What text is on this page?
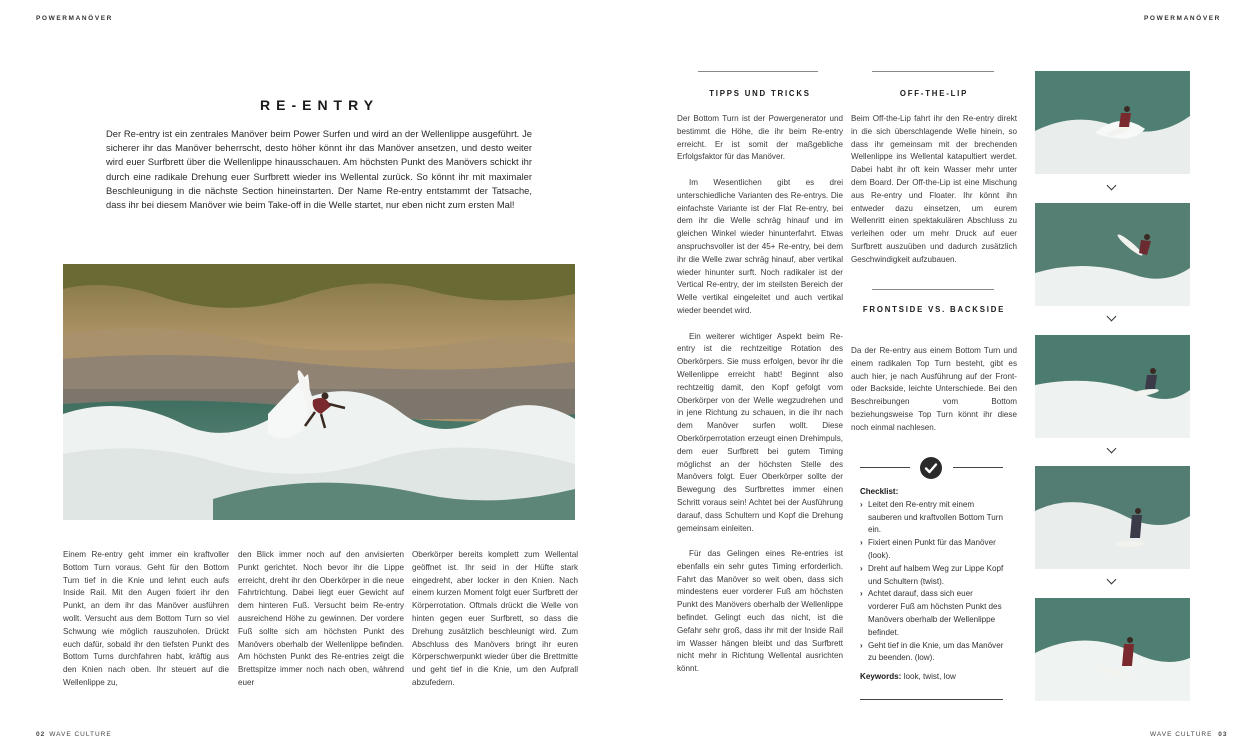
POWERMANÖVER
RE-ENTRY
Der Re-entry ist ein zentrales Manöver beim Power Surfen und wird an der Wellenlippe ausgeführt. Je sicherer ihr das Manöver beherrscht, desto höher könnt ihr das Manöver ansetzen, und desto weiter wird euer Surfbrett über die Wellenlippe hinausschauen. Am höchsten Punkt des Manövers schickt ihr durch eine radikale Drehung euer Surfbrett wieder ins Wellental zurück. So könnt ihr mit maximaler Beschleunigung in die nächste Section hineinstarten. Der Name Re-entry entstammt der Tatsache, dass ihr bei diesem Manöver wie beim Take-off in die Welle startet, nur eben nicht zum ersten Mal!
Einem Re-entry geht immer ein kraftvoller Bottom Turn voraus. Geht für den Bottom Turn tief in die Knie und lehnt euch aufs Inside Rail. Mit den Augen fixiert ihr den Punkt, an dem ihr das Manöver ausführen wollt. Versucht aus dem Bottom Turn so viel Schwung wie möglich rauszuholen. Drückt euch dafür, sobald ihr den tiefsten Punkt des Bottom Turns durchfahren habt, kräftig aus den Knien nach oben. Ihr steuert auf die Wellenlippe zu,
den Blick immer noch auf den anvisierten Punkt gerichtet. Noch bevor ihr die Lippe erreicht, dreht ihr den Oberkörper in die neue Fahrtrichtung. Dabei liegt euer Gewicht auf dem hinteren Fuß. Versucht beim Re-entry ausreichend Höhe zu gewinnen. Der vordere Fuß sollte sich am höchsten Punkt des Manövers oberhalb der Wellenlippe befinden. Am höchsten Punkt des Re-entries zeigt die Brettspitze immer noch nach oben, während euer
Oberkörper bereits komplett zum Wellental geöffnet ist. Ihr seid in der Hüfte stark eingedreht, aber locker in den Knien. Nach einem kurzen Moment folgt euer Surfbrett der Körperrotation. Oftmals drückt die Welle von hinten gegen euer Surfbrett, so dass die Drehung zusätzlich beschleunigt wird. Zum Abschluss des Manövers bringt ihr euren Körperschwerpunkt wieder über die Brettmitte und geht tief in die Knie, um den Aufprall abzufedern.
02 WAVE CULTURE
POWERMANÖVER
TIPPS UND TRICKS

Der Bottom Turn ist der Powergenerator und bestimmt die Höhe, die ihr beim Re-entry erreicht. Er ist somit der maßgebliche Erfolgsfaktor für das Manöver.

Im Wesentlichen gibt es drei unterschiedliche Varianten des Re-entrys. Die einfachste Variante ist der Flat Re-entry, bei dem ihr die Welle schräg hinauf und im gleichen Winkel wieder hinunterfahrt. Etwas anspruchsvoller ist der 45+ Re-entry, bei dem ihr die Welle zwar schräg hinauf, aber vertikal wieder hinunter surft. Noch radikaler ist der Vertical Re-entry, der im steilsten Bereich der Welle vertikal eingeleitet und auch vertikal wieder beendet wird.

Ein weiterer wichtiger Aspekt beim Re-entry ist die rechtzeitige Rotation des Oberkörpers. Sie muss erfolgen, bevor ihr die Wellenlippe erreicht habt! Beginnt also rechtzeitig damit, den Kopf gefolgt vom Oberkörper von der Welle wegzudrehen und in jene Richtung zu schauen, in die ihr nach dem Manöver surfen wollt. Diese Oberkörperrotation erzeugt einen Drehimpuls, dem euer Surfbrett bei gutem Timing möglichst an der höchsten Stelle des Manövers folgt. Euer Oberkörper sollte der Bewegung des Surfbrettes immer einen Schritt voraus sein! Achtet bei der Ausführung darauf, dass Schultern und Kopf die Drehung gemeinsam einleiten.

Für das Gelingen eines Re-entries ist ebenfalls ein sehr gutes Timing erforderlich. Fahrt das Manöver so weit oben, dass sich mindestens euer vorderer Fuß am höchsten Punkt des Manövers oberhalb der Wellenlippe befindet. Gelingt euch das nicht, ist die Gefahr sehr groß, dass ihr mit der Inside Rail im Wasser hängen bleibt und das Surfbrett nicht mehr in Richtung Wellental ausrichten könnt.

OFF-THE-LIP
Beim Off-the-Lip fahrt ihr den Re-entry direkt in die sich überschlagende Welle hinein, so dass ihr gemeinsam mit der brechenden Wellenlippe ins Wellental katapultiert werdet. Dabei habt ihr oft kein Wasser mehr unter dem Board. Der Off-the-Lip ist eine Mischung aus Re-entry und Floater. Ihr könnt ihn entweder dazu einsetzen, um eurem Wellenritt einen spektakulären Abschluss zu verleihen oder um mehr Druck auf euer Surfbrett auszuüben und dadurch zusätzlich Geschwindigkeit aufzubauen.
FRONTSIDE VS. BACKSIDE
Da der Re-entry aus einem Bottom Turn und einem radikalen Top Turn besteht, gibt es auch hier, je nach Ausführung auf der Front- oder Backside, leichte Unterschiede. Bei den Beschreibungen vom Bottom beziehungsweise Top Turn könnt ihr diese noch einmal nachlesen.
Checklist:
› Leitet den Re-entry mit einem sauberen und kraftvollen Bottom Turn ein.
› Fixiert einen Punkt für das Manöver (look).
› Dreht auf halbem Weg zur Lippe Kopf und Schultern (twist).
› Achtet darauf, dass sich euer vorderer Fuß am höchsten Punkt des Manövers oberhalb der Wellenlippe befindet.
› Geht tief in die Knie, um das Manöver zu beenden. (low).
Keywords: look, twist, low
WAVE CULTURE 03
